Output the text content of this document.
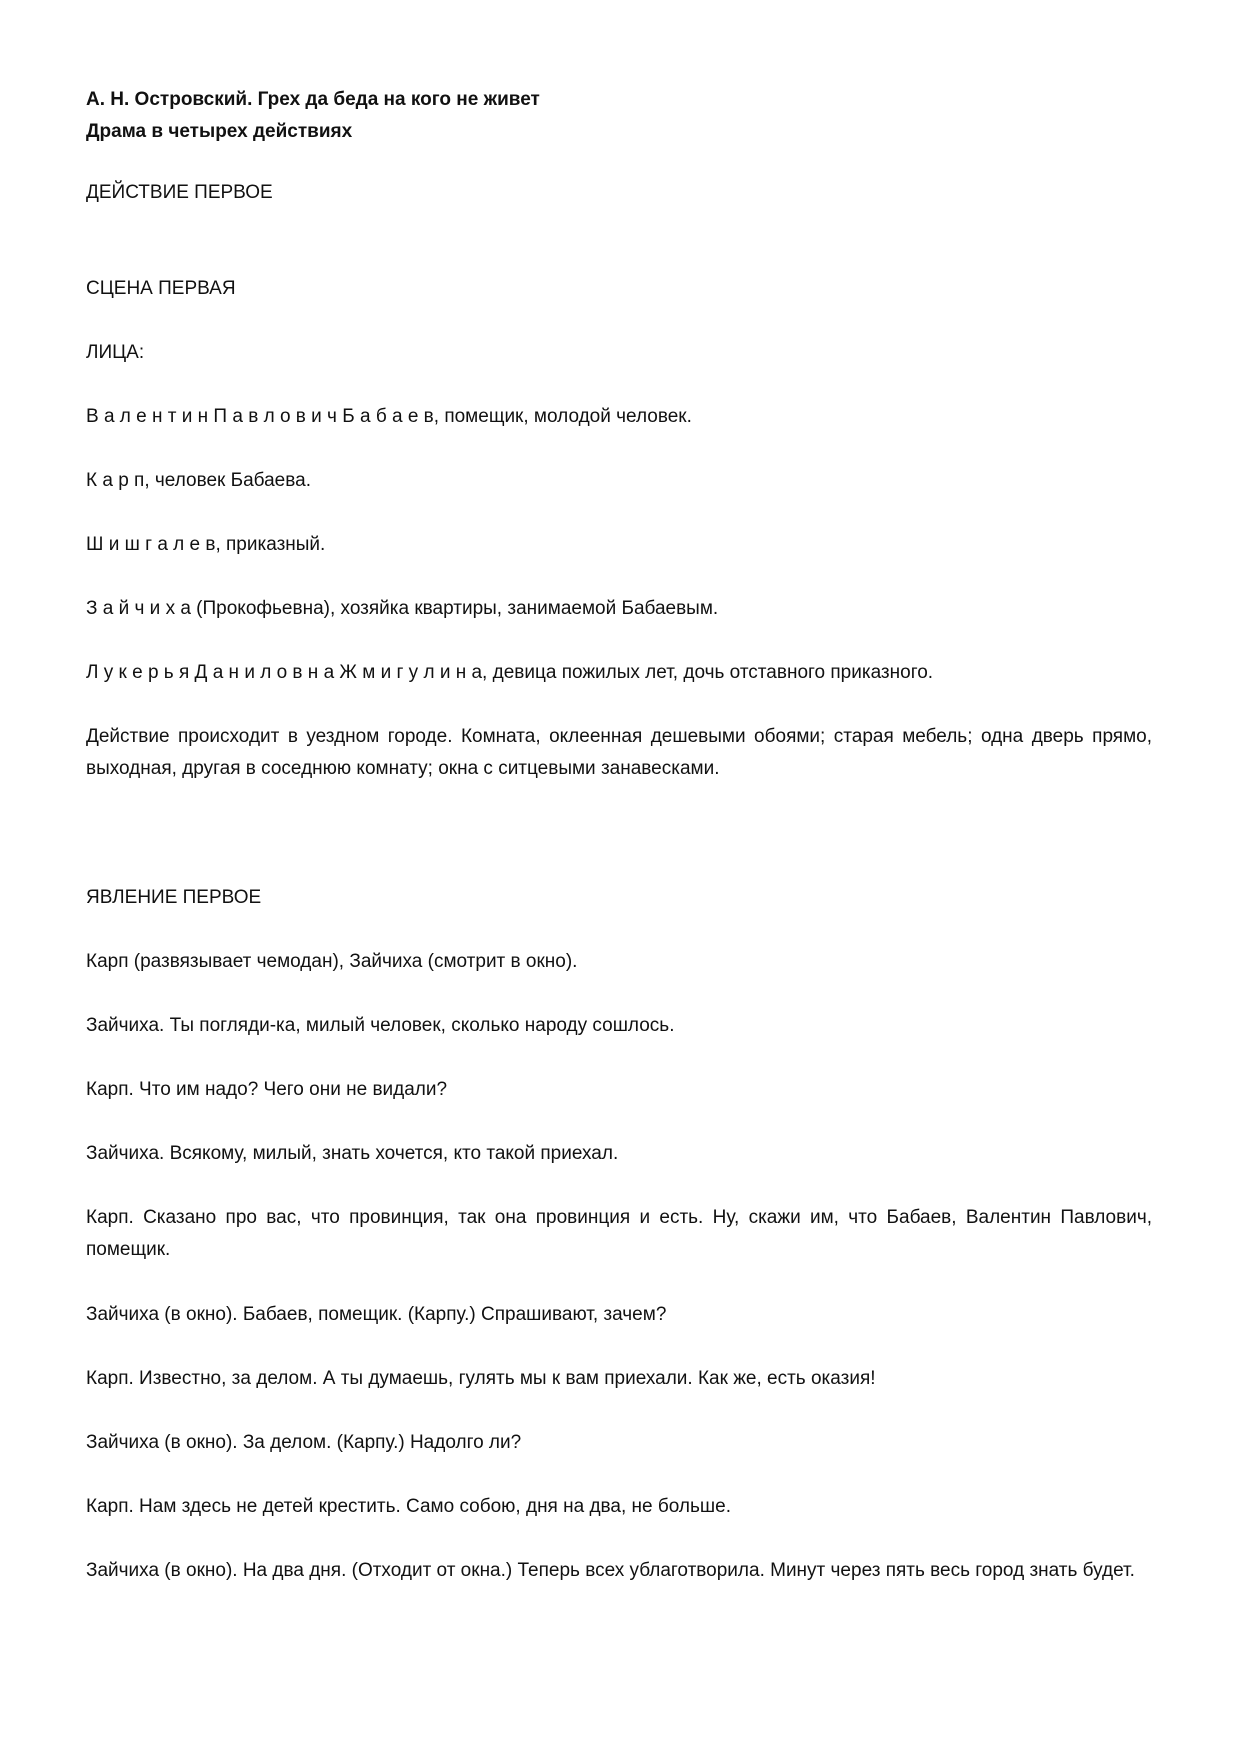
А. Н. Островский. Грех да беда на кого не живет
Драма в четырех действиях
ДЕЙСТВИЕ ПЕРВОЕ
СЦЕНА ПЕРВАЯ
ЛИЦА:
В а л е н т и н П а в л о в и ч Б а б а е в, помещик, молодой человек.
К а р п, человек Бабаева.
Ш и ш г а л е в, приказный.
З а й ч и х а (Прокофьевна), хозяйка квартиры, занимаемой Бабаевым.
Л у к е р ь я Д а н и л о в н а Ж м и г у л и н а, девица пожилых лет, дочь отставного приказного.
Действие происходит в уездном городе. Комната, оклеенная дешевыми обоями; старая мебель; одна дверь прямо, выходная, другая в соседнюю комнату; окна с ситцевыми занавесками.
ЯВЛЕНИЕ ПЕРВОЕ
Карп (развязывает чемодан), Зайчиха (смотрит в окно).
Зайчиха. Ты погляди-ка, милый человек, сколько народу сошлось.
Карп. Что им надо? Чего они не видали?
Зайчиха. Всякому, милый, знать хочется, кто такой приехал.
Карп. Сказано про вас, что провинция, так она провинция и есть. Ну, скажи им, что Бабаев, Валентин Павлович, помещик.
Зайчиха (в окно). Бабаев, помещик. (Карпу.) Спрашивают, зачем?
Карп. Известно, за делом. А ты думаешь, гулять мы к вам приехали. Как же, есть оказия!
Зайчиха (в окно). За делом. (Карпу.) Надолго ли?
Карп. Нам здесь не детей крестить. Само собою, дня на два, не больше.
Зайчиха (в окно). На два дня. (Отходит от окна.) Теперь всех ублаготворила. Минут через пять весь город знать будет.
